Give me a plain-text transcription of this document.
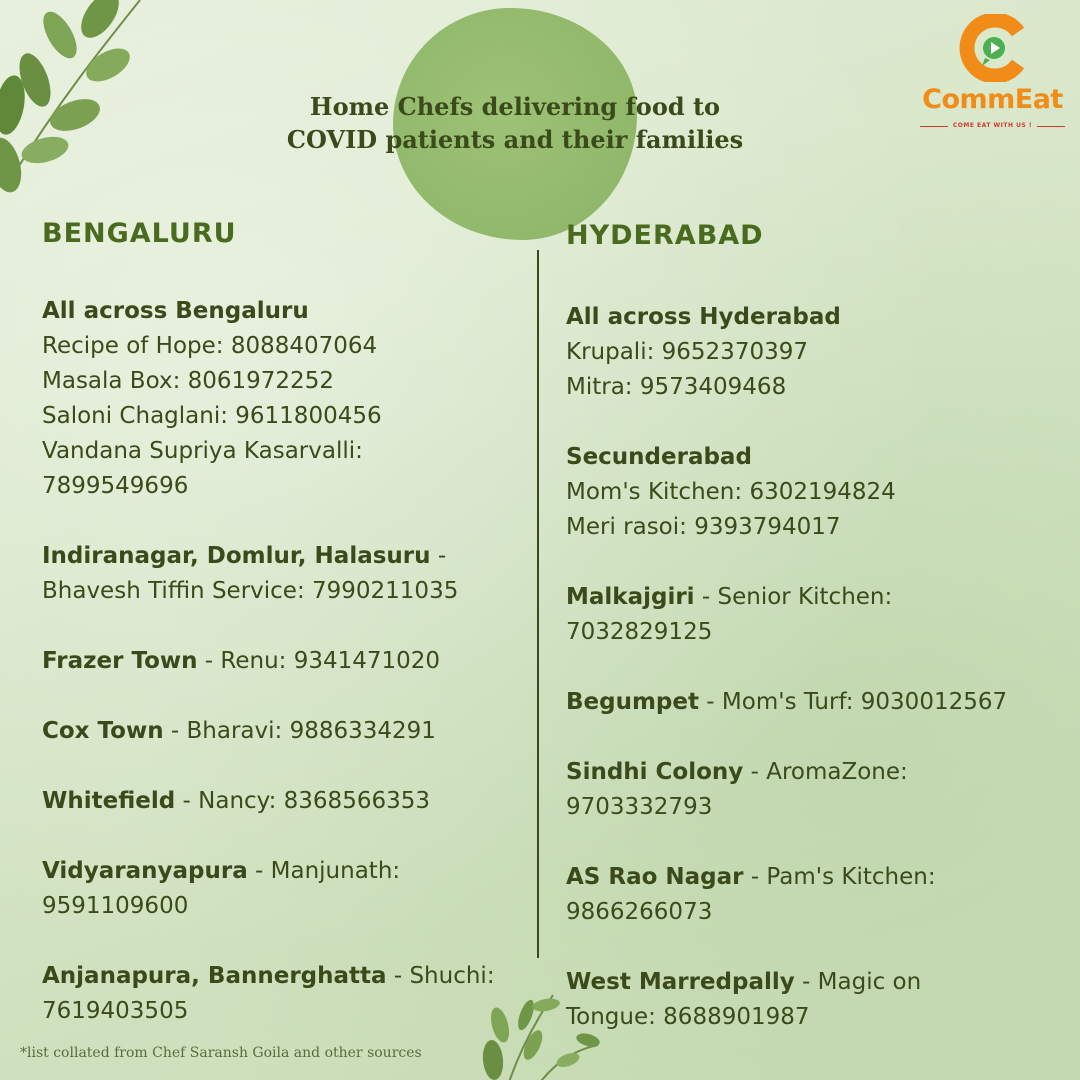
Home Chefs delivering food to
COVID patients and their families
CommEat
COME EAT WITH US !
BENGALURU
All across Bengaluru
Recipe of Hope: 8088407064
Masala Box: 8061972252
Saloni Chaglani: 9611800456
Vandana Supriya Kasarvalli:
7899549696
Indiranagar, Domlur, Halasuru -
Bhavesh Tiffin Service: 7990211035
Frazer Town - Renu: 9341471020
Cox Town - Bharavi: 9886334291
Whitefield - Nancy: 8368566353
Vidyaranyapura - Manjunath:
9591109600
Anjanapura, Bannerghatta - Shuchi:
7619403505
HYDERABAD
All across Hyderabad
Krupali: 9652370397
Mitra: 9573409468
Secunderabad
Mom's Kitchen: 6302194824
Meri rasoi: 9393794017
Malkajgiri - Senior Kitchen:
7032829125
Begumpet - Mom's Turf: 9030012567
Sindhi Colony - AromaZone:
9703332793
AS Rao Nagar - Pam's Kitchen:
9866266073
West Marredpally - Magic on
Tongue: 8688901987
*list collated from Chef Saransh Goila and other sources
